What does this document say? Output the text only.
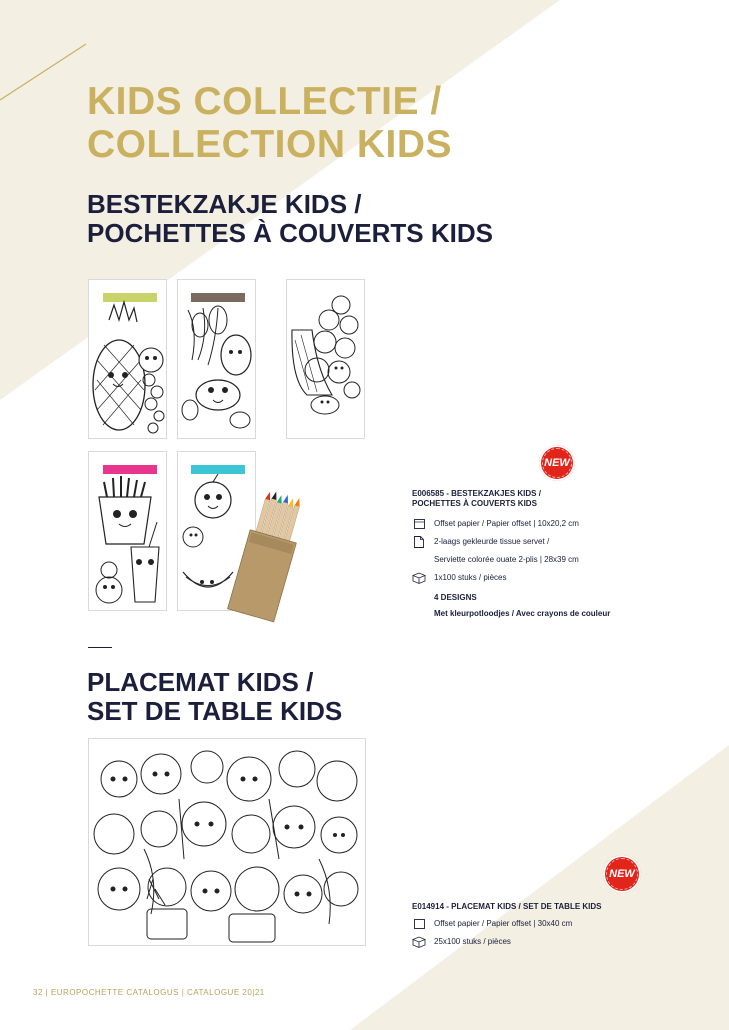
KIDS COLLECTIE /
COLLECTION KIDS
BESTEKZAKJE KIDS /
POCHETTES À COUVERTS KIDS
NEW
E006585 - BESTEKZAKJES KIDS /
POCHETTES À COUVERTS KIDS
Offset papier / Papier offset | 10x20,2 cm
2-laags gekleurde tissue servet /
Serviette colorée ouate 2-plis | 28x39 cm
1x100 stuks / pièces
4 DESIGNS
Met kleurpotloodjes / Avec crayons de couleur
PLACEMAT KIDS /
SET DE TABLE KIDS
NEW
E014914 - PLACEMAT KIDS / SET DE TABLE KIDS
Offset papier / Papier offset | 30x40 cm
25x100 stuks / pièces
32 | EUROPOCHETTE CATALOGUS | CATALOGUE 20|21
